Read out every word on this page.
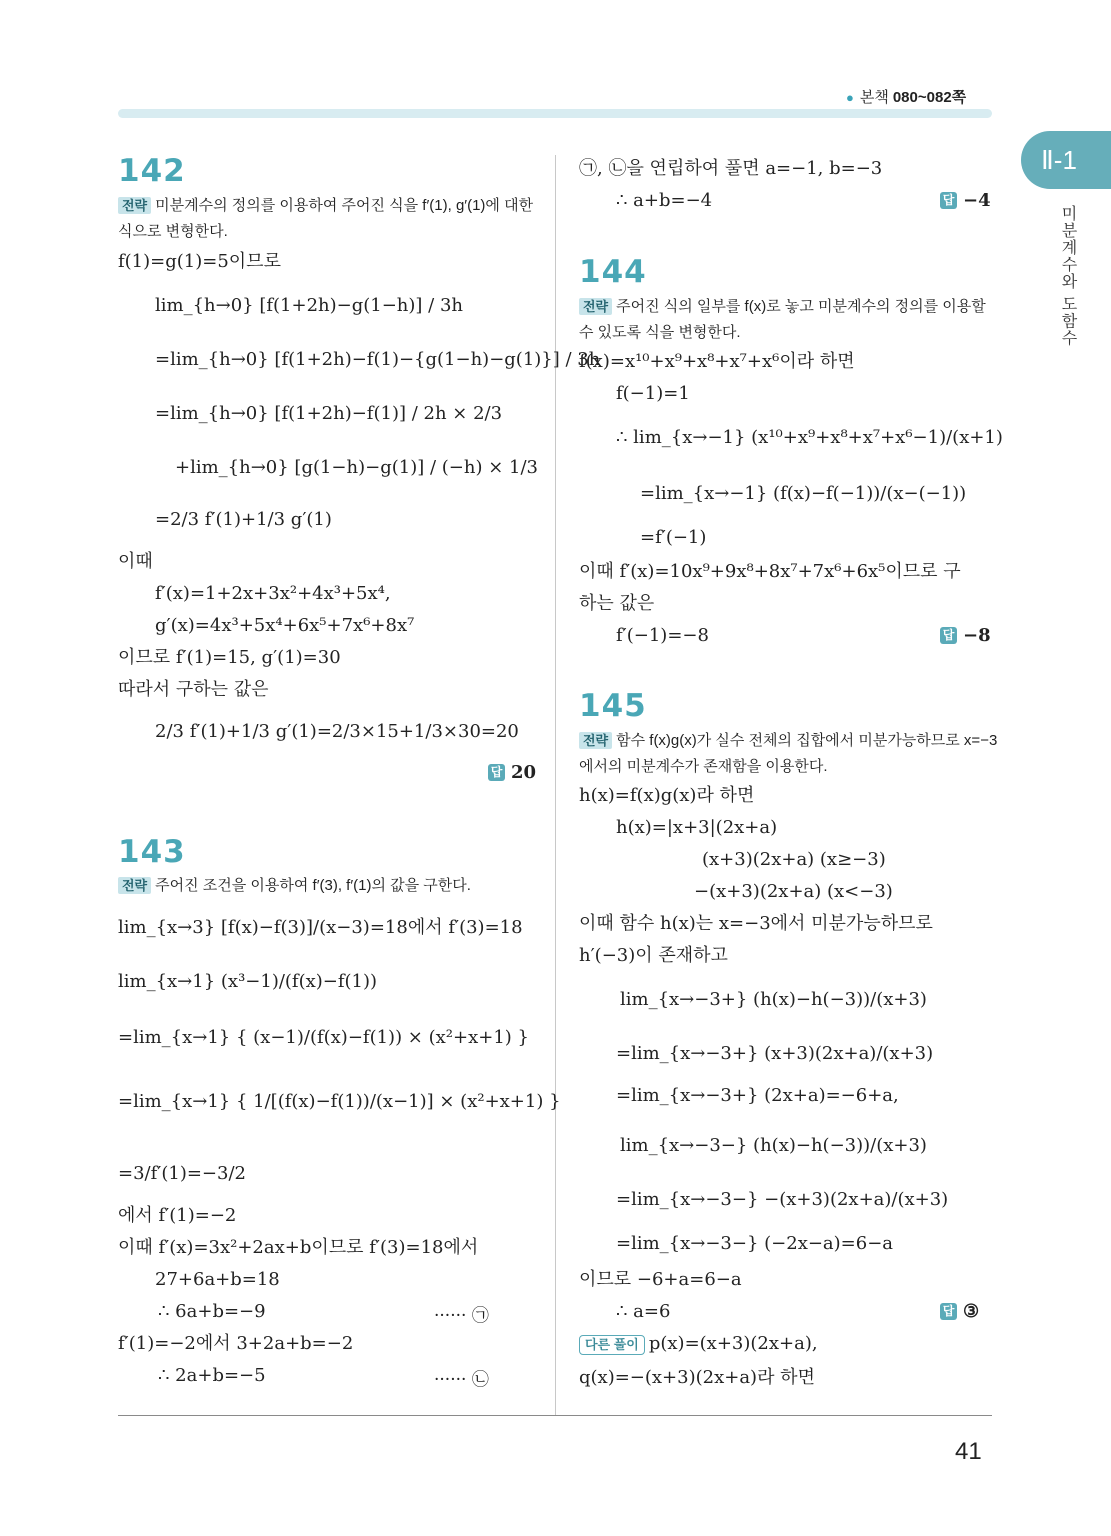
● 본책 080~082쪽
Ⅱ-1
미분계수와 도함수
41
142
전략 미분계수의 정의를 이용하여 주어진 식을 f′(1), g′(1)에 대한 식으로 변형한다.
f(1)=g(1)=5이므로
lim_{h→0} [f(1+2h)−g(1−h)] / 3h
=lim_{h→0} [f(1+2h)−f(1)−{g(1−h)−g(1)}] / 3h
=lim_{h→0} [f(1+2h)−f(1)] / 2h × 2/3
+lim_{h→0} [g(1−h)−g(1)] / (−h) × 1/3
=2/3 f′(1)+1/3 g′(1)
이때
f′(x)=1+2x+3x²+4x³+5x⁴,
g′(x)=4x³+5x⁴+6x⁵+7x⁶+8x⁷
이므로 f′(1)=15, g′(1)=30
따라서 구하는 값은
2/3 f′(1)+1/3 g′(1)=2/3×15+1/3×30=20
답 20
143
전략 주어진 조건을 이용하여 f′(3), f′(1)의 값을 구한다.
lim_{x→3} [f(x)−f(3)]/(x−3)=18에서 f′(3)=18
lim_{x→1} (x³−1)/(f(x)−f(1))
=lim_{x→1} { (x−1)/(f(x)−f(1)) × (x²+x+1) }
=lim_{x→1} { 1/[(f(x)−f(1))/(x−1)] × (x²+x+1) }
=3/f′(1)=−3/2
에서 f′(1)=−2
이때 f′(x)=3x²+2ax+b이므로 f′(3)=18에서
27+6a+b=18
∴ 6a+b=−9	······ ㉠
f′(1)=−2에서 3+2a+b=−2
∴ 2a+b=−5	······ ㉡
㉠, ㉡을 연립하여 풀면 a=−1, b=−3
∴ a+b=−4	답 −4
144
전략 주어진 식의 일부를 f(x)로 놓고 미분계수의 정의를 이용할 수 있도록 식을 변형한다.
f(x)=x¹⁰+x⁹+x⁸+x⁷+x⁶이라 하면
f(−1)=1
∴ lim_{x→−1} (x¹⁰+x⁹+x⁸+x⁷+x⁶−1)/(x+1)
=lim_{x→−1} (f(x)−f(−1))/(x−(−1))
=f′(−1)
이때 f′(x)=10x⁹+9x⁸+8x⁷+7x⁶+6x⁵이므로 구
하는 값은
f′(−1)=−8	답 −8
145
전략 함수 f(x)g(x)가 실수 전체의 집합에서 미분가능하므로 x=−3에서의 미분계수가 존재함을 이용한다.
h(x)=f(x)g(x)라 하면
h(x)=|x+3|(2x+a)
(x+3)(2x+a) (x≥−3)
−(x+3)(2x+a) (x<−3)
이때 함수 h(x)는 x=−3에서 미분가능하므로
h′(−3)이 존재하고
lim_{x→−3+} (h(x)−h(−3))/(x+3)
=lim_{x→−3+} (x+3)(2x+a)/(x+3)
=lim_{x→−3+} (2x+a)=−6+a,
lim_{x→−3−} (h(x)−h(−3))/(x+3)
=lim_{x→−3−} −(x+3)(2x+a)/(x+3)
=lim_{x→−3−} (−2x−a)=6−a
이므로 −6+a=6−a
∴ a=6	답 ③
다른 풀이 p(x)=(x+3)(2x+a),
q(x)=−(x+3)(2x+a)라 하면
